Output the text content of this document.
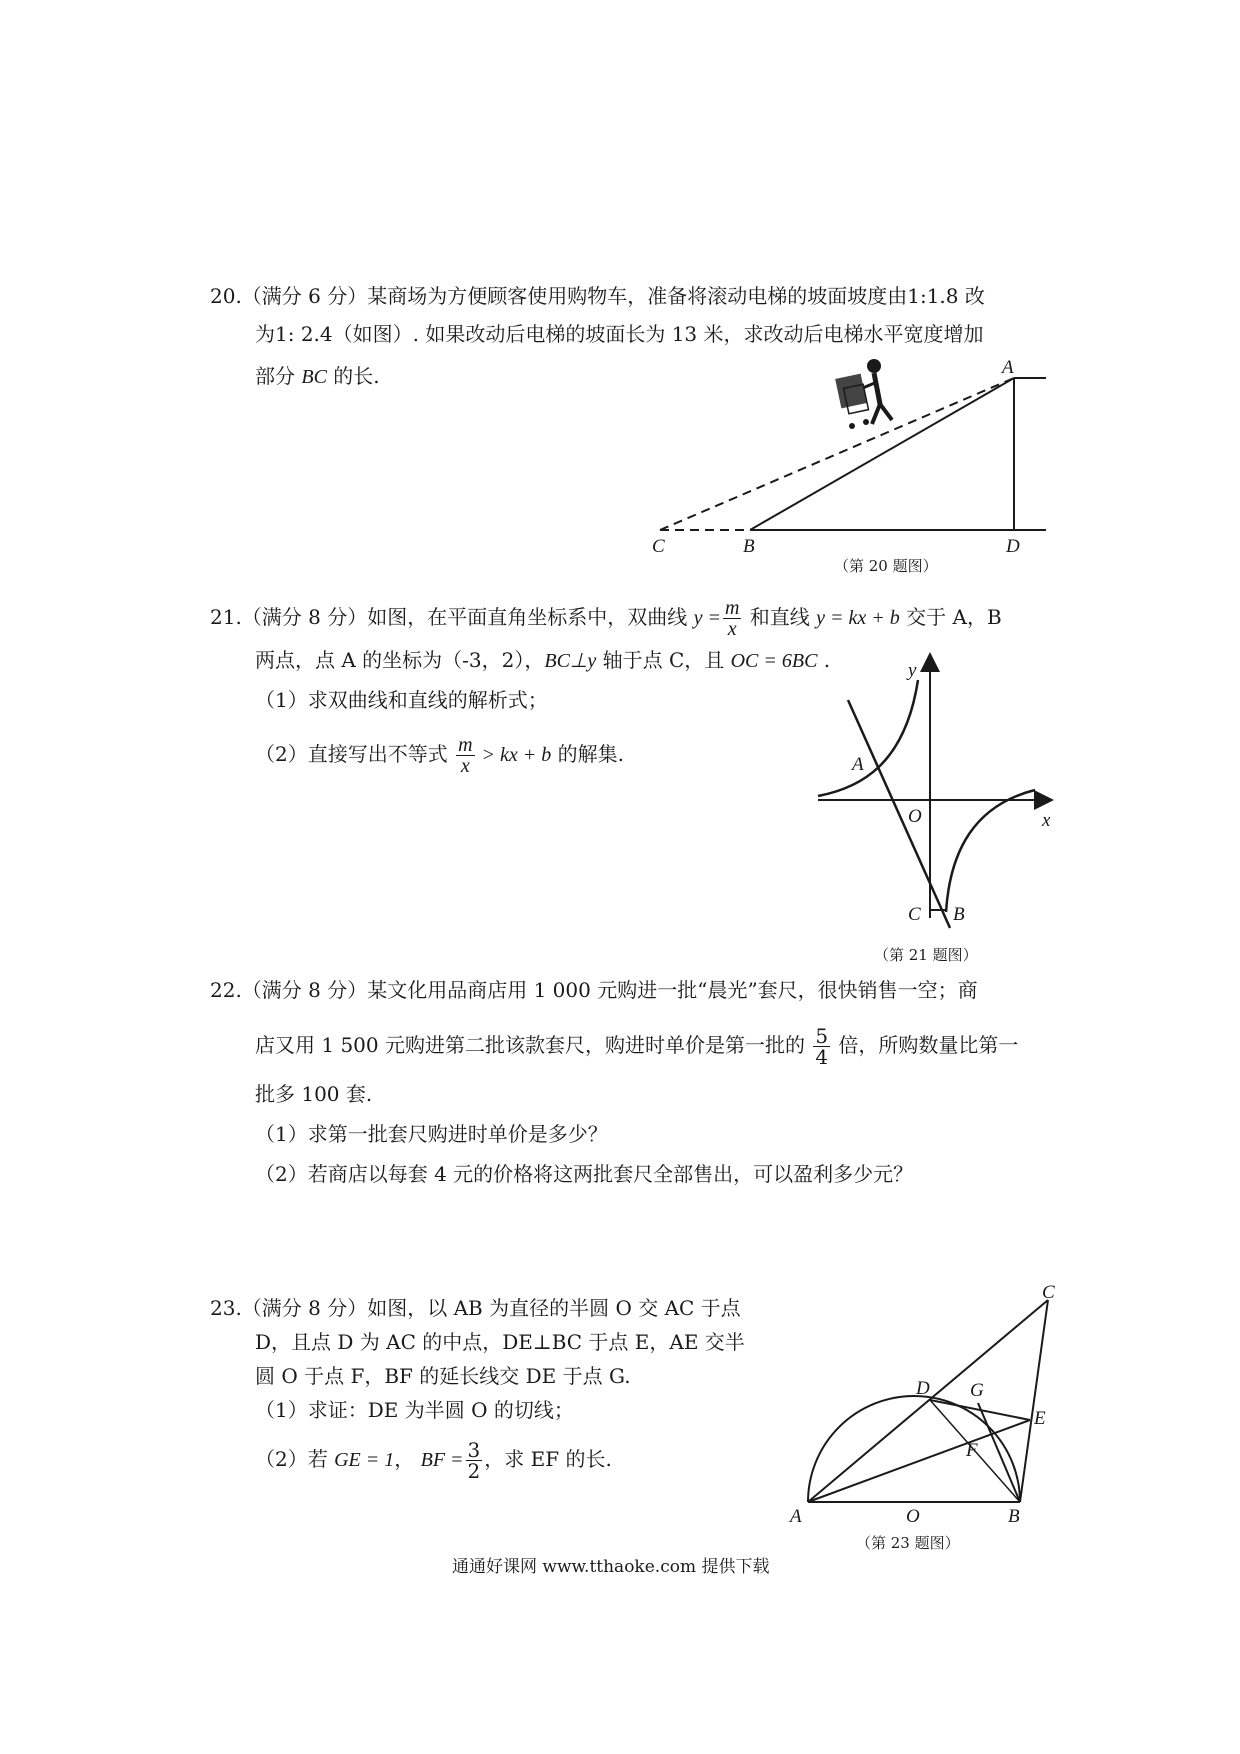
20.（满分 6 分）某商场为方便顾客使用购物车，准备将滚动电梯的坡面坡度由1:1.8 改
为1: 2.4（如图）. 如果改动后电梯的坡面长为 13 米，求改动后电梯水平宽度增加
部分 BC 的长.	A
C	B	D
（第 20 题图）
21.（满分 8 分）如图，在平面直角坐标系中，双曲线 $y = \frac{m}{x}$ 和直线 y = kx + b 交于 A，B
两点，点 A 的坐标为（-3，2），BC⊥y 轴于点 C，且 OC = 6BC .
（1）求双曲线和直线的解析式；
（2）直接写出不等式 $\frac{m}{x}$ > kx + b 的解集.
y
x
O
A
C B
（第 21 题图）
22.（满分 8 分）某文化用品商店用 1 000 元购进一批“晨光”套尺，很快销售一空；商
店又用 1 500 元购进第二批该款套尺，购进时单价是第一批的 $\frac{5}{4}$ 倍，所购数量比第一
批多 100 套.
（1）求第一批套尺购进时单价是多少？
（2）若商店以每套 4 元的价格将这两批套尺全部售出，可以盈利多少元？
23.（满分 8 分）如图，以 AB 为直径的半圆 O 交 AC 于点
D，且点 D 为 AC 的中点，DE⊥BC 于点 E，AE 交半
圆 O 于点 F，BF 的延长线交 DE 于点 G.
（1）求证：DE 为半圆 O 的切线；
（2）若 GE = 1， BF = $\frac{3}{2}$ ，求 EF 的长.
C
D G
E
F
A	O	B
（第 23 题图）
通通好课网 www.tthaoke.com 提供下载
